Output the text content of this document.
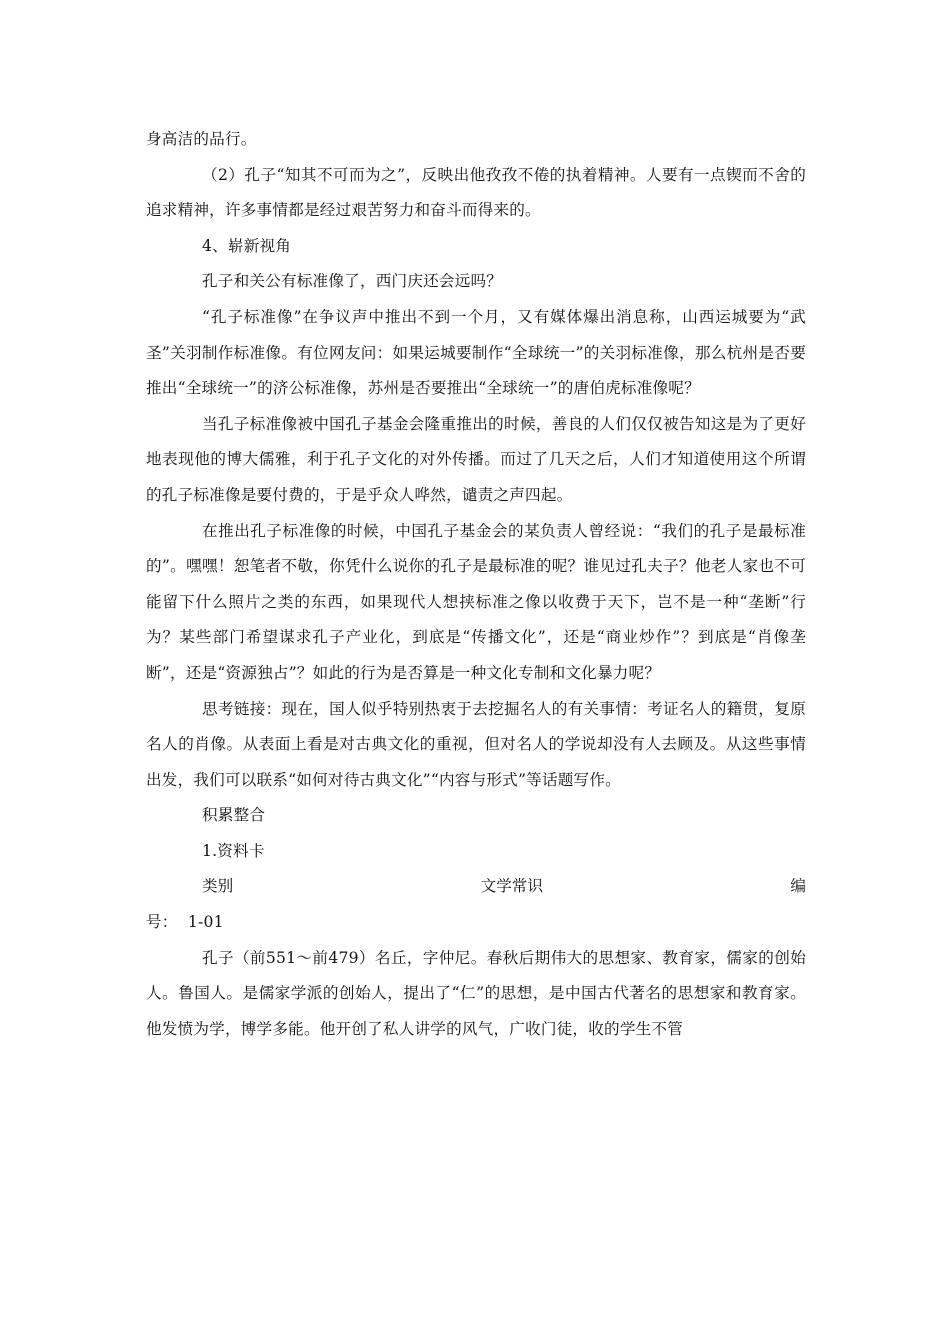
身高洁的品行。

（2）孔子“知其不可而为之”，反映出他孜孜不倦的执着精神。人要有一点锲而不舍的追求精神，许多事情都是经过艰苦努力和奋斗而得来的。

4、崭新视角

孔子和关公有标准像了，西门庆还会远吗？

“孔子标准像”在争议声中推出不到一个月，又有媒体爆出消息称，山西运城要为“武圣”关羽制作标准像。有位网友问：如果运城要制作“全球统一”的关羽标准像，那么杭州是否要推出“全球统一”的济公标准像，苏州是否要推出“全球统一”的唐伯虎标准像呢？

当孔子标准像被中国孔子基金会隆重推出的时候，善良的人们仅仅被告知这是为了更好地表现他的博大儒雅，利于孔子文化的对外传播。而过了几天之后，人们才知道使用这个所谓的孔子标准像是要付费的，于是乎众人哗然，谴责之声四起。

在推出孔子标准像的时候，中国孔子基金会的某负责人曾经说：“我们的孔子是最标准的”。嘿嘿！恕笔者不敬，你凭什么说你的孔子是最标准的呢？谁见过孔夫子？他老人家也不可能留下什么照片之类的东西，如果现代人想挟标准之像以收费于天下，岂不是一种“垄断”行为？某些部门希望谋求孔子产业化，到底是“传播文化”，还是“商业炒作”？到底是“肖像垄断”，还是“资源独占”？如此的行为是否算是一种文化专制和文化暴力呢？

思考链接：现在，国人似乎特别热衷于去挖掘名人的有关事情：考证名人的籍贯，复原名人的肖像。从表面上看是对古典文化的重视，但对名人的学说却没有人去顾及。从这些事情出发，我们可以联系“如何对待古典文化”“内容与形式”等话题写作。

积累整合

1.资料卡

类别	文学常识	编

号： 1-01

孔子（前551～前479）名丘，字仲尼。春秋后期伟大的思想家、教育家，儒家的创始人。鲁国人。是儒家学派的创始人，提出了“仁”的思想，是中国古代著名的思想家和教育家。他发愤为学，博学多能。他开创了私人讲学的风气，广收门徒，收的学生不管
